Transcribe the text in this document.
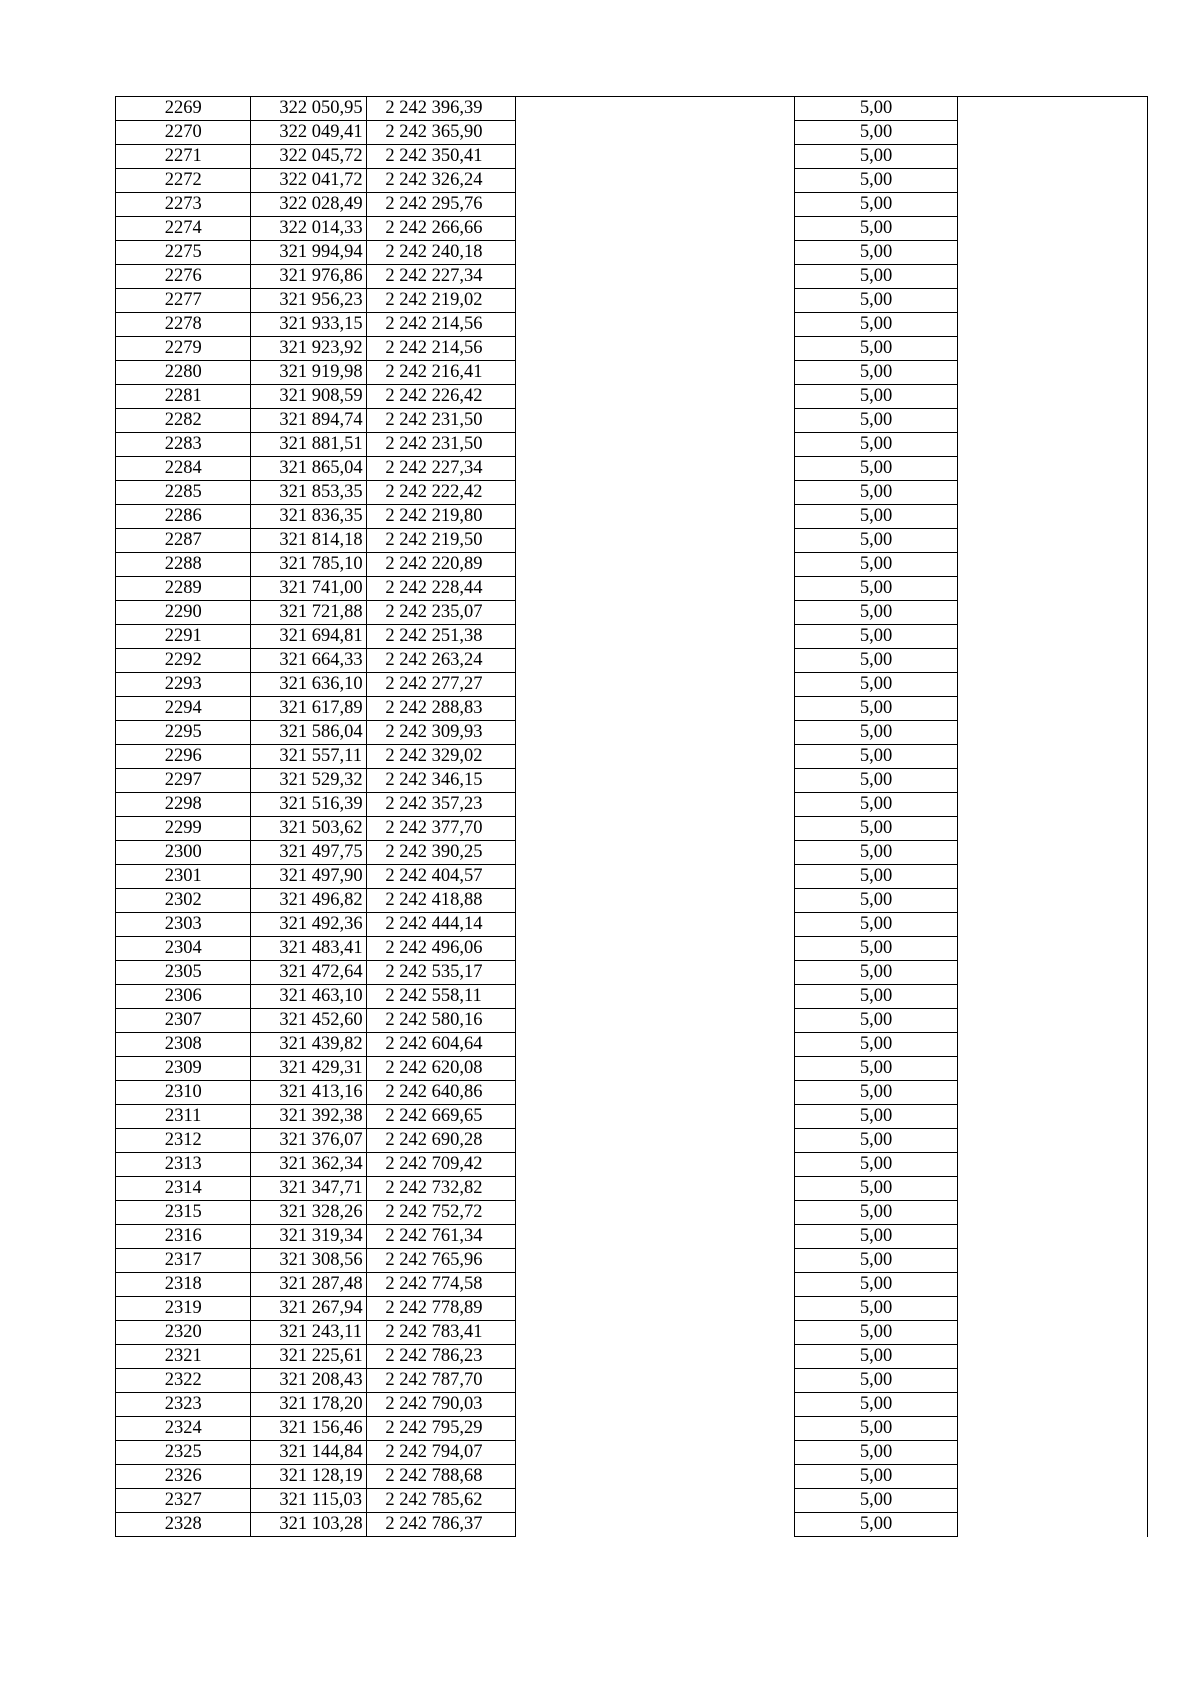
2269	322 050,95	2 242 396,39		5,00	
2270	322 049,41	2 242 365,90		5,00	
2271	322 045,72	2 242 350,41		5,00	
2272	322 041,72	2 242 326,24		5,00	
2273	322 028,49	2 242 295,76		5,00	
2274	322 014,33	2 242 266,66		5,00	
2275	321 994,94	2 242 240,18		5,00	
2276	321 976,86	2 242 227,34		5,00	
2277	321 956,23	2 242 219,02		5,00	
2278	321 933,15	2 242 214,56		5,00	
2279	321 923,92	2 242 214,56		5,00	
2280	321 919,98	2 242 216,41		5,00	
2281	321 908,59	2 242 226,42		5,00	
2282	321 894,74	2 242 231,50		5,00	
2283	321 881,51	2 242 231,50		5,00	
2284	321 865,04	2 242 227,34		5,00	
2285	321 853,35	2 242 222,42		5,00	
2286	321 836,35	2 242 219,80		5,00	
2287	321 814,18	2 242 219,50		5,00	
2288	321 785,10	2 242 220,89		5,00	
2289	321 741,00	2 242 228,44		5,00	
2290	321 721,88	2 242 235,07		5,00	
2291	321 694,81	2 242 251,38		5,00	
2292	321 664,33	2 242 263,24		5,00	
2293	321 636,10	2 242 277,27		5,00	
2294	321 617,89	2 242 288,83		5,00	
2295	321 586,04	2 242 309,93		5,00	
2296	321 557,11	2 242 329,02		5,00	
2297	321 529,32	2 242 346,15		5,00	
2298	321 516,39	2 242 357,23		5,00	
2299	321 503,62	2 242 377,70		5,00	
2300	321 497,75	2 242 390,25		5,00	
2301	321 497,90	2 242 404,57		5,00	
2302	321 496,82	2 242 418,88		5,00	
2303	321 492,36	2 242 444,14		5,00	
2304	321 483,41	2 242 496,06		5,00	
2305	321 472,64	2 242 535,17		5,00	
2306	321 463,10	2 242 558,11		5,00	
2307	321 452,60	2 242 580,16		5,00	
2308	321 439,82	2 242 604,64		5,00	
2309	321 429,31	2 242 620,08		5,00	
2310	321 413,16	2 242 640,86		5,00	
2311	321 392,38	2 242 669,65		5,00	
2312	321 376,07	2 242 690,28		5,00	
2313	321 362,34	2 242 709,42		5,00	
2314	321 347,71	2 242 732,82		5,00	
2315	321 328,26	2 242 752,72		5,00	
2316	321 319,34	2 242 761,34		5,00	
2317	321 308,56	2 242 765,96		5,00	
2318	321 287,48	2 242 774,58		5,00	
2319	321 267,94	2 242 778,89		5,00	
2320	321 243,11	2 242 783,41		5,00	
2321	321 225,61	2 242 786,23		5,00	
2322	321 208,43	2 242 787,70		5,00	
2323	321 178,20	2 242 790,03		5,00	
2324	321 156,46	2 242 795,29		5,00	
2325	321 144,84	2 242 794,07		5,00	
2326	321 128,19	2 242 788,68		5,00	
2327	321 115,03	2 242 785,62		5,00	
2328	321 103,28	2 242 786,37		5,00	
